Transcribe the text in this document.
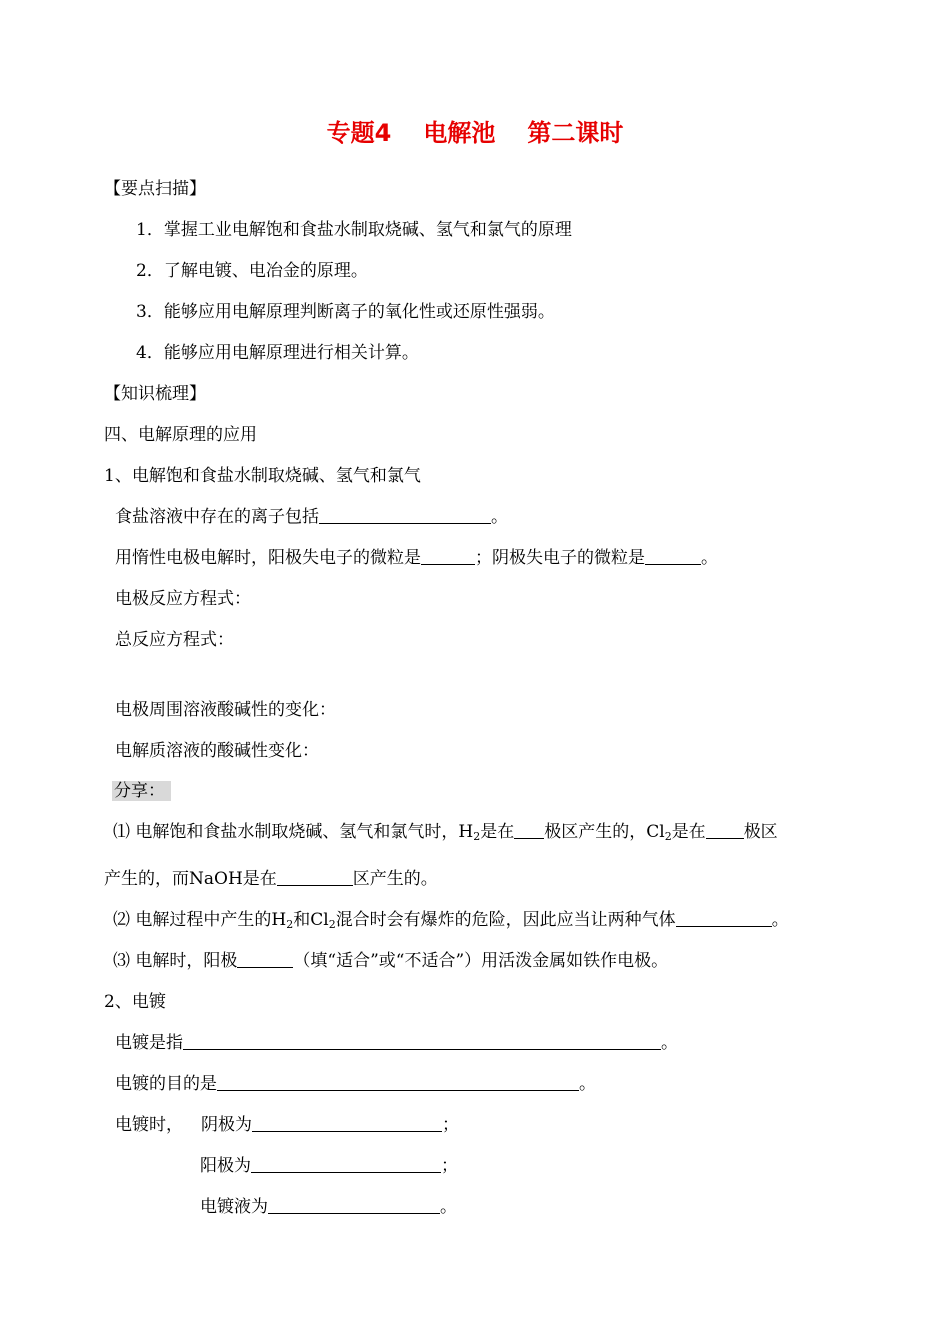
专题4 电解池 第二课时
【要点扫描】
1．掌握工业电解饱和食盐水制取烧碱、氢气和氯气的原理
2．了解电镀、电冶金的原理。
3．能够应用电解原理判断离子的氧化性或还原性强弱。
4．能够应用电解原理进行相关计算。
【知识梳理】
四、电解原理的应用
1、电解饱和食盐水制取烧碱、氢气和氯气
食盐溶液中存在的离子包括	。
用惰性电极电解时，阳极失电子的微粒是	；阴极失电子的微粒是	。
电极反应方程式：
总反应方程式：
电极周围溶液酸碱性的变化：
电解质溶液的酸碱性变化：
分享：
⑴ 电解饱和食盐水制取烧碱、氢气和氯气时，$H_2$是在 极区产生的，$Cl_2$是在 极区
产生的，而NaOH是在	区产生的。
⑵ 电解过程中产生的$H_2$和$Cl_2$混合时会有爆炸的危险，因此应当让两种气体	。
⑶ 电解时，阳极	（填“适合”或“不适合”）用活泼金属如铁作电极。
2、电镀
电镀是指	。
电镀的目的是	。
电镀时， 阴极为	；
阳极为	；
电镀液为	。
